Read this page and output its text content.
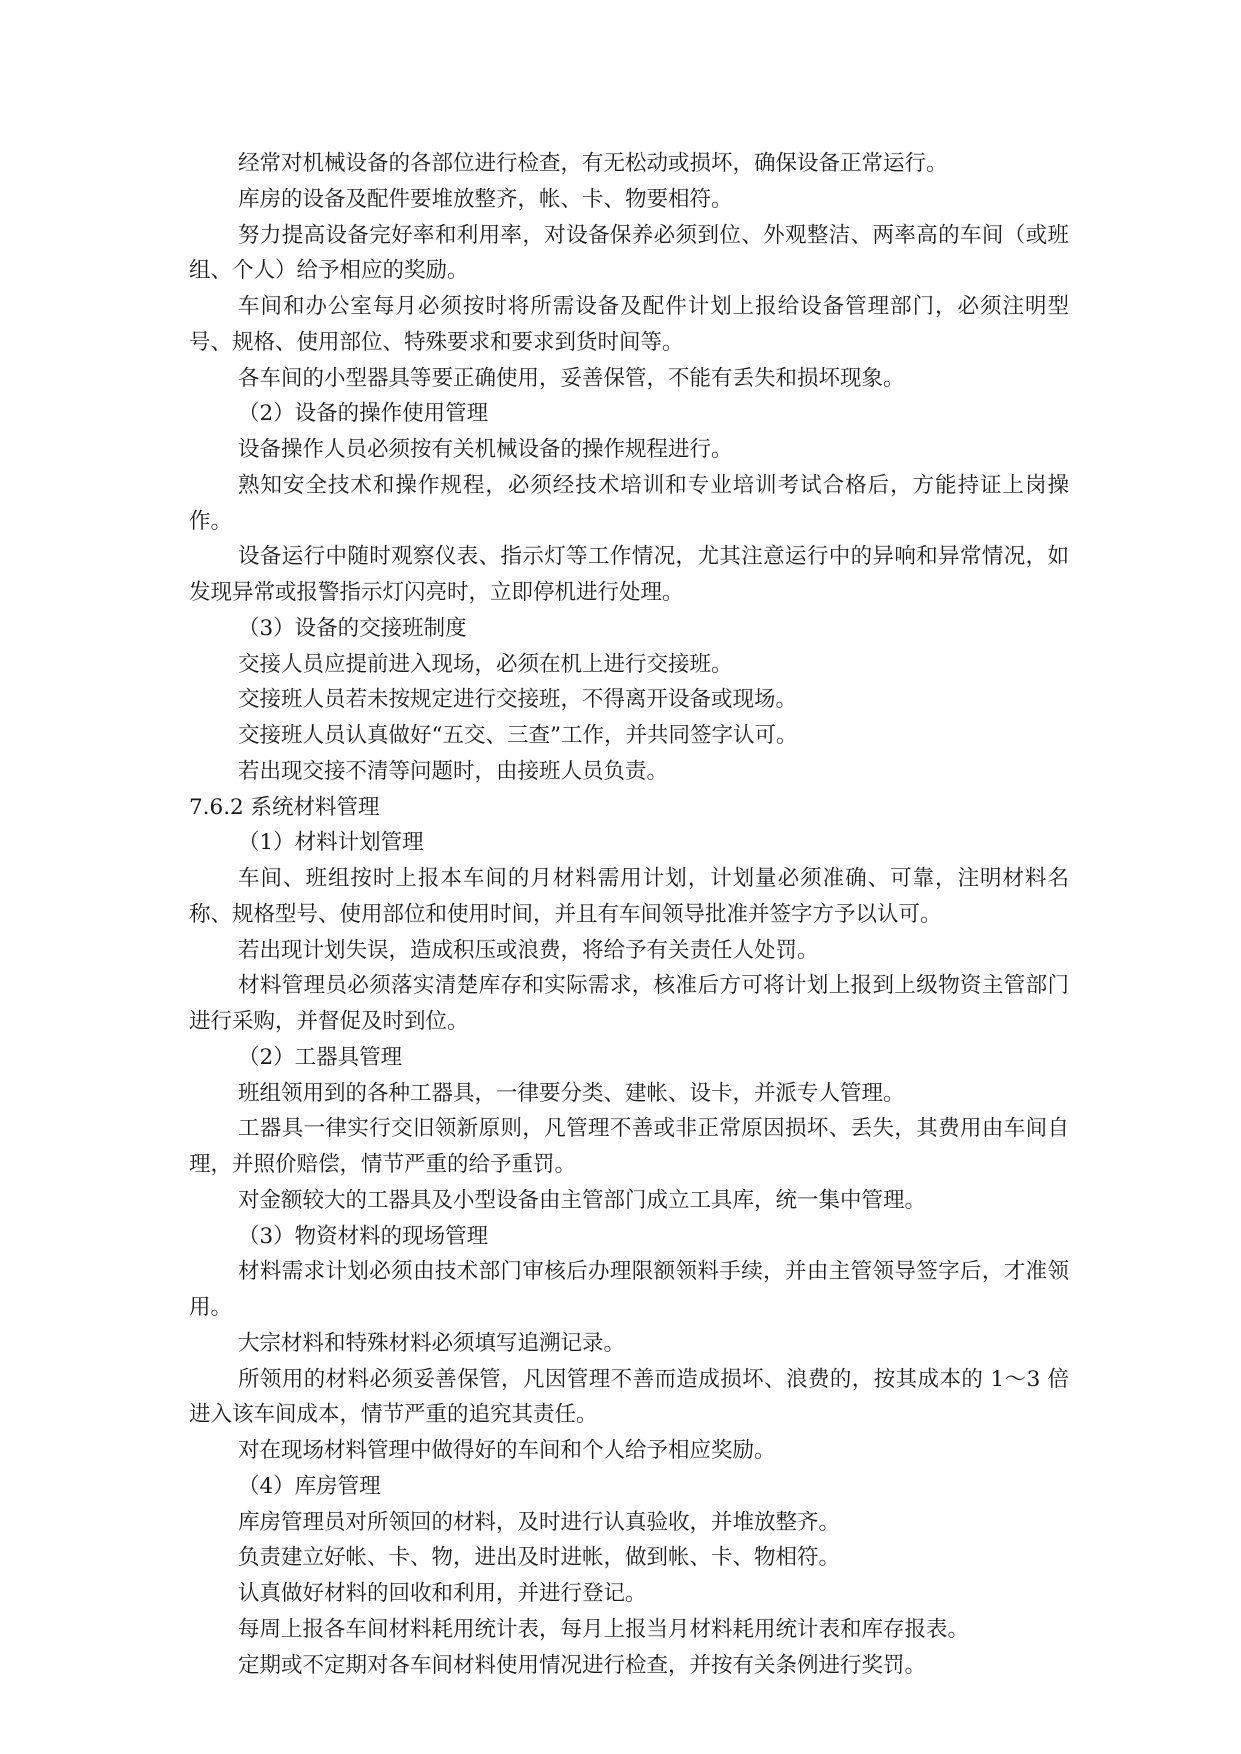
经常对机械设备的各部位进行检查，有无松动或损坏，确保设备正常运行。

库房的设备及配件要堆放整齐，帐、卡、物要相符。

努力提高设备完好率和利用率，对设备保养必须到位、外观整洁、两率高的车间（或班组、个人）给予相应的奖励。

车间和办公室每月必须按时将所需设备及配件计划上报给设备管理部门，必须注明型号、规格、使用部位、特殊要求和要求到货时间等。

各车间的小型器具等要正确使用，妥善保管，不能有丢失和损坏现象。

（2）设备的操作使用管理

设备操作人员必须按有关机械设备的操作规程进行。

熟知安全技术和操作规程，必须经技术培训和专业培训考试合格后，方能持证上岗操作。

设备运行中随时观察仪表、指示灯等工作情况，尤其注意运行中的异响和异常情况，如发现异常或报警指示灯闪亮时，立即停机进行处理。

（3）设备的交接班制度

交接人员应提前进入现场，必须在机上进行交接班。

交接班人员若未按规定进行交接班，不得离开设备或现场。

交接班人员认真做好“五交、三查”工作，并共同签字认可。

若出现交接不清等问题时，由接班人员负责。

7.6.2 系统材料管理

（1）材料计划管理

车间、班组按时上报本车间的月材料需用计划，计划量必须准确、可靠，注明材料名称、规格型号、使用部位和使用时间，并且有车间领导批准并签字方予以认可。

若出现计划失误，造成积压或浪费，将给予有关责任人处罚。

材料管理员必须落实清楚库存和实际需求，核准后方可将计划上报到上级物资主管部门进行采购，并督促及时到位。

（2）工器具管理

班组领用到的各种工器具，一律要分类、建帐、设卡，并派专人管理。

工器具一律实行交旧领新原则，凡管理不善或非正常原因损坏、丢失，其费用由车间自理，并照价赔偿，情节严重的给予重罚。

对金额较大的工器具及小型设备由主管部门成立工具库，统一集中管理。

（3）物资材料的现场管理

材料需求计划必须由技术部门审核后办理限额领料手续，并由主管领导签字后，才准领用。

大宗材料和特殊材料必须填写追溯记录。

所领用的材料必须妥善保管，凡因管理不善而造成损坏、浪费的，按其成本的 1～3 倍进入该车间成本，情节严重的追究其责任。

对在现场材料管理中做得好的车间和个人给予相应奖励。

（4）库房管理

库房管理员对所领回的材料，及时进行认真验收，并堆放整齐。

负责建立好帐、卡、物，进出及时进帐，做到帐、卡、物相符。

认真做好材料的回收和利用，并进行登记。

每周上报各车间材料耗用统计表，每月上报当月材料耗用统计表和库存报表。

定期或不定期对各车间材料使用情况进行检查，并按有关条例进行奖罚。
